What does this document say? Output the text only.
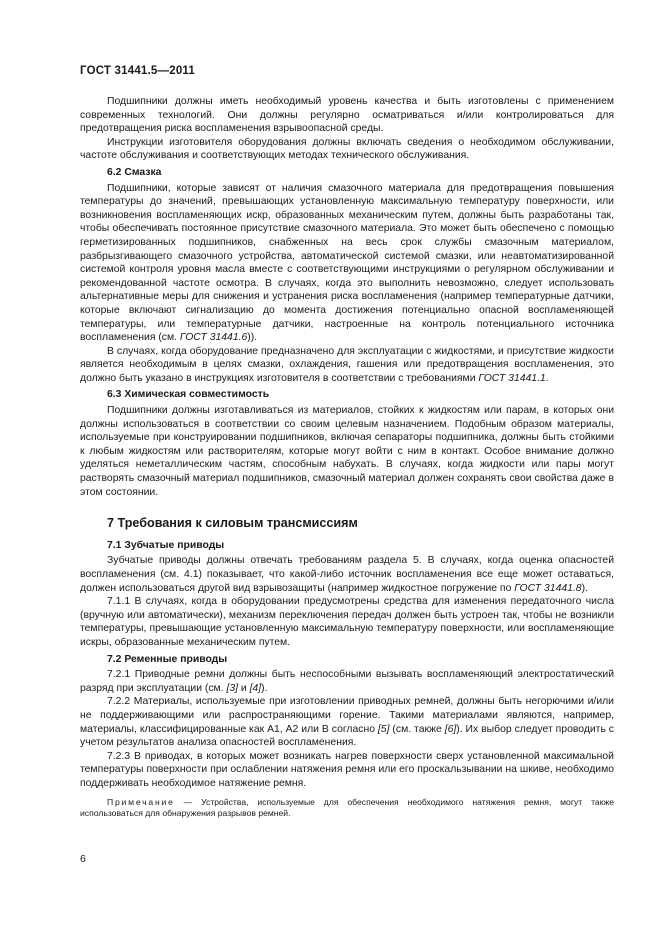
ГОСТ 31441.5—2011

Подшипники должны иметь необходимый уровень качества и быть изготовлены с применением современных технологий. Они должны регулярно осматриваться и/или контролироваться для предотвращения риска воспламенения взрывоопасной среды.

Инструкции изготовителя оборудования должны включать сведения о необходимом обслуживании, частоте обслуживания и соответствующих методах технического обслуживания.

6.2 Смазка

Подшипники, которые зависят от наличия смазочного материала для предотвращения повышения температуры до значений, превышающих установленную максимальную температуру поверхности, или возникновения воспламеняющих искр, образованных механическим путем, должны быть разработаны так, чтобы обеспечивать постоянное присутствие смазочного материала. Это может быть обеспечено с помощью герметизированных подшипников, снабженных на весь срок службы смазочным материалом, разбрызгивающего смазочного устройства, автоматической системой смазки, или неавтоматизированной системой контроля уровня масла вместе с соответствующими инструкциями о регулярном обслуживании и рекомендованной частоте осмотра. В случаях, когда это выполнить невозможно, следует использовать альтернативные меры для снижения и устранения риска воспламенения (например температурные датчики, которые включают сигнализацию до момента достижения потенциально опасной воспламеняющей температуры, или температурные датчики, настроенные на контроль потенциального источника воспламенения (см. ГОСТ 31441.6)).

В случаях, когда оборудование предназначено для эксплуатации с жидкостями, и присутствие жидкости является необходимым в целях смазки, охлаждения, гашения или предотвращения воспламенения, это должно быть указано в инструкциях изготовителя в соответствии с требованиями ГОСТ 31441.1.

6.3 Химическая совместимость

Подшипники должны изготавливаться из материалов, стойких к жидкостям или парам, в которых они должны использоваться в соответствии со своим целевым назначением. Подобным образом материалы, используемые при конструировании подшипников, включая сепараторы подшипника, должны быть стойкими к любым жидкостям или растворителям, которые могут войти с ним в контакт. Особое внимание должно уделяться неметаллическим частям, способным набухать. В случаях, когда жидкости или пары могут растворять смазочный материал подшипников, смазочный материал должен сохранять свои свойства даже в этом состоянии.

7 Требования к силовым трансмиссиям
7.1 Зубчатые приводы

Зубчатые приводы должны отвечать требованиям раздела 5. В случаях, когда оценка опасностей воспламенения (см. 4.1) показывает, что какой-либо источник воспламенения все еще может оставаться, должен использоваться другой вид взрывозащиты (например жидкостное погружение по ГОСТ 31441.8).

7.1.1 В случаях, когда в оборудовании предусмотрены средства для изменения передаточного числа (вручную или автоматически), механизм переключения передач должен быть устроен так, чтобы не возникли температуры, превышающие установленную максимальную температуру поверхности, или воспламеняющие искры, образованные механическим путем.

7.2 Ременные приводы

7.2.1 Приводные ремни должны быть неспособными вызывать воспламеняющий электростатический разряд при эксплуатации (см. [3] и [4]).

7.2.2 Материалы, используемые при изготовлении приводных ремней, должны быть негорючими и/или не поддерживающими или распространяющими горение. Такими материалами являются, например, материалы, классифицированные как А1, А2 или В согласно [5] (см. также [6]). Их выбор следует проводить с учетом результатов анализа опасностей воспламенения.

7.2.3 В приводах, в которых может возникать нагрев поверхности сверх установленной максимальной температуры поверхности при ослаблении натяжения ремня или его проскальзывании на шкиве, необходимо поддерживать необходимое натяжение ремня.

Примечание — Устройства, используемые для обеспечения необходимого натяжения ремня, могут также использоваться для обнаружения разрывов ремней.
6
